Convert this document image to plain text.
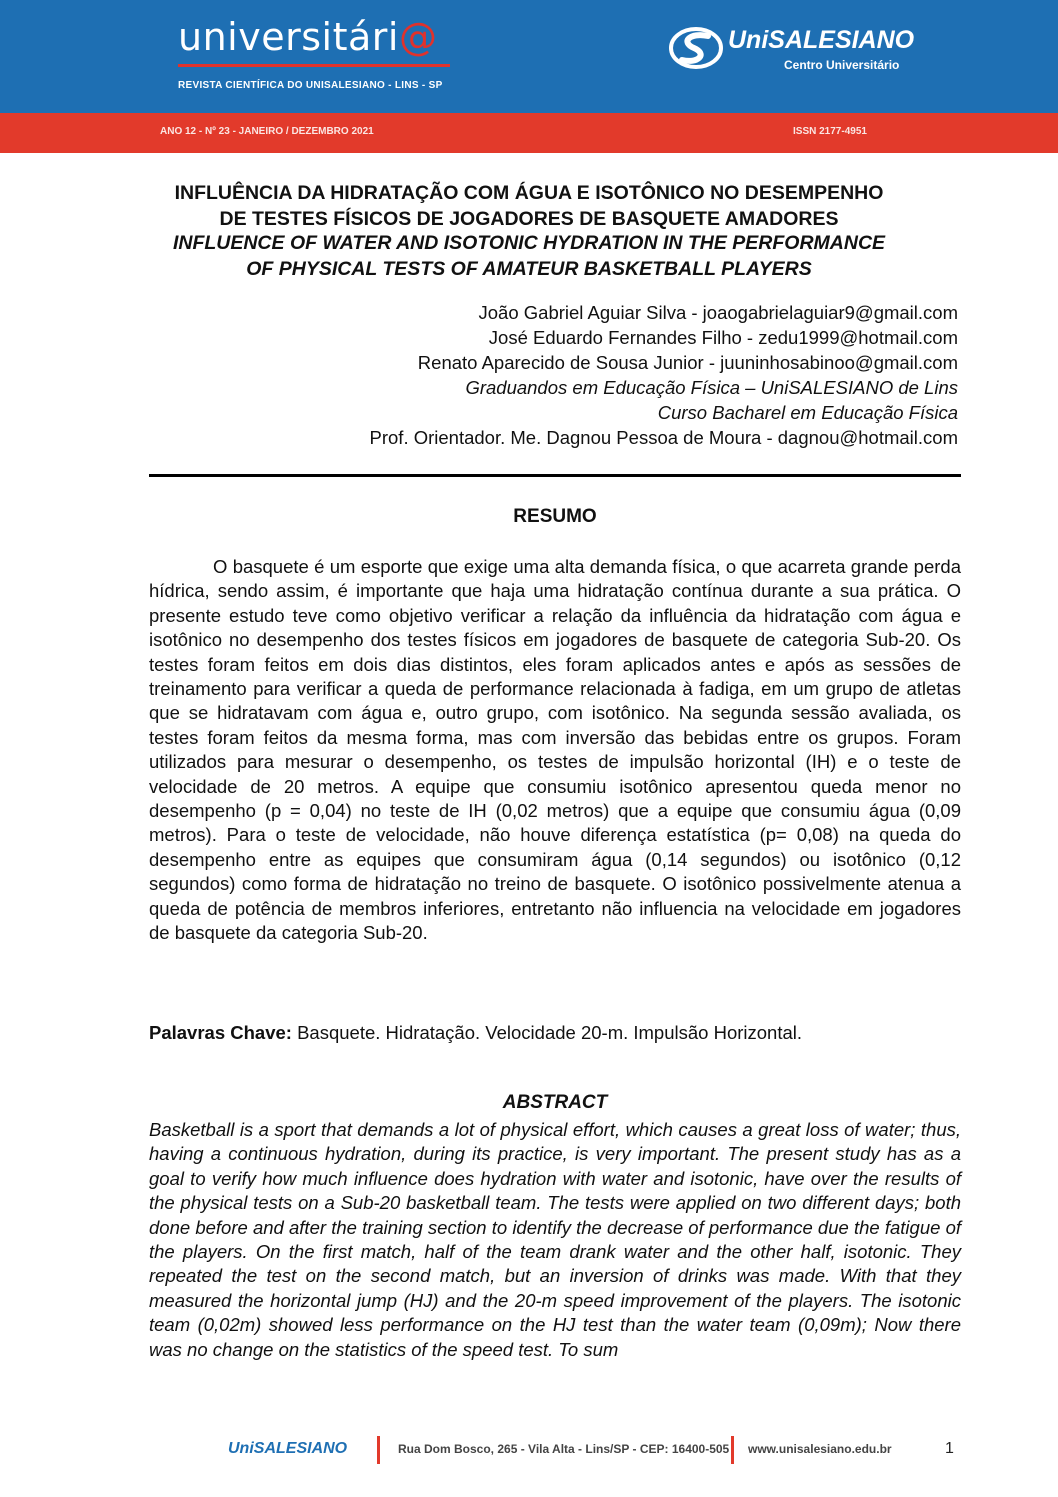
universitári@
REVISTA CIENTÍFICA DO UNISALESIANO - LINS - SP
UniSALESIANO
Centro Universitário
ANO 12 - Nº 23 - JANEIRO / DEZEMBRO 2021	ISSN 2177-4951
INFLUÊNCIA DA HIDRATAÇÃO COM ÁGUA E ISOTÔNICO NO DESEMPENHO
DE TESTES FÍSICOS DE JOGADORES DE BASQUETE AMADORES
INFLUENCE OF WATER AND ISOTONIC HYDRATION IN THE PERFORMANCE
OF PHYSICAL TESTS OF AMATEUR BASKETBALL PLAYERS
João Gabriel Aguiar Silva - joaogabrielaguiar9@gmail.com
José Eduardo Fernandes Filho - zedu1999@hotmail.com
Renato Aparecido de Sousa Junior - juuninhosabinoo@gmail.com
Graduandos em Educação Física – UniSALESIANO de Lins
Curso Bacharel em Educação Física
Prof. Orientador. Me. Dagnou Pessoa de Moura - dagnou@hotmail.com
RESUMO
O basquete é um esporte que exige uma alta demanda física, o que acarreta grande perda hídrica, sendo assim, é importante que haja uma hidratação contínua durante a sua prática. O presente estudo teve como objetivo verificar a relação da influência da hidratação com água e isotônico no desempenho dos testes físicos em jogadores de basquete de categoria Sub-20. Os testes foram feitos em dois dias distintos, eles foram aplicados antes e após as sessões de treinamento para verificar a queda de performance relacionada à fadiga, em um grupo de atletas que se hidratavam com água e, outro grupo, com isotônico. Na segunda sessão avaliada, os testes foram feitos da mesma forma, mas com inversão das bebidas entre os grupos. Foram utilizados para mesurar o desempenho, os testes de impulsão horizontal (IH) e o teste de velocidade de 20 metros. A equipe que consumiu isotônico apresentou queda menor no desempenho (p = 0,04) no teste de IH (0,02 metros) que a equipe que consumiu água (0,09 metros). Para o teste de velocidade, não houve diferença estatística (p= 0,08) na queda do desempenho entre as equipes que consumiram água (0,14 segundos) ou isotônico (0,12 segundos) como forma de hidratação no treino de basquete. O isotônico possivelmente atenua a queda de potência de membros inferiores, entretanto não influencia na velocidade em jogadores de basquete da categoria Sub-20.
Palavras Chave: Basquete. Hidratação. Velocidade 20-m. Impulsão Horizontal.
ABSTRACT
Basketball is a sport that demands a lot of physical effort, which causes a great loss of water; thus, having a continuous hydration, during its practice, is very important. The present study has as a goal to verify how much influence does hydration with water and isotonic, have over the results of the physical tests on a Sub-20 basketball team. The tests were applied on two different days; both done before and after the training section to identify the decrease of performance due the fatigue of the players. On the first match, half of the team drank water and the other half, isotonic. They repeated the test on the second match, but an inversion of drinks was made. With that they measured the horizontal jump (HJ) and the 20-m speed improvement of the players. The isotonic team (0,02m) showed less performance on the HJ test than the water team (0,09m); Now there was no change on the statistics of the speed test. To sum
UniSALESIANO	Rua Dom Bosco, 265 - Vila Alta - Lins/SP - CEP: 16400-505 www.unisalesiano.edu.br	1
